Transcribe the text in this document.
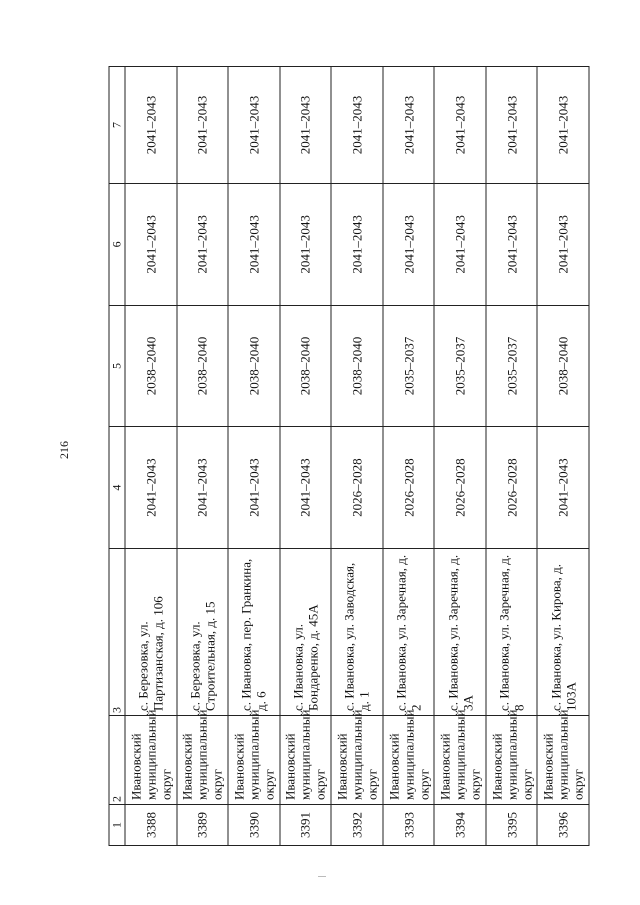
216
1	2	3	4	5	6	7
3388	Ивановский муниципальный округ	с. Березовка, ул. Партизанская, д. 106	2041–2043	2038–2040	2041–2043	2041–2043
3389	Ивановский муниципальный округ	с. Березовка, ул. Строительная, д. 15	2041–2043	2038–2040	2041–2043	2041–2043
3390	Ивановский муниципальный округ	с. Ивановка, пер. Гранкина, д. 6	2041–2043	2038–2040	2041–2043	2041–2043
3391	Ивановский муниципальный округ	с. Ивановка, ул. Бондаренко, д. 45А	2041–2043	2038–2040	2041–2043	2041–2043
3392	Ивановский муниципальный округ	с. Ивановка, ул. Заводская, д. 1	2026–2028	2038–2040	2041–2043	2041–2043
3393	Ивановский муниципальный округ	с. Ивановка, ул. Заречная, д. 2	2026–2028	2035–2037	2041–2043	2041–2043
3394	Ивановский муниципальный округ	с. Ивановка, ул. Заречная, д. 3А	2026–2028	2035–2037	2041–2043	2041–2043
3395	Ивановский муниципальный округ	с. Ивановка, ул. Заречная, д. 8	2026–2028	2035–2037	2041–2043	2041–2043
3396	Ивановский муниципальный округ	с. Ивановка, ул. Кирова, д. 103А	2041–2043	2038–2040	2041–2043	2041–2043
